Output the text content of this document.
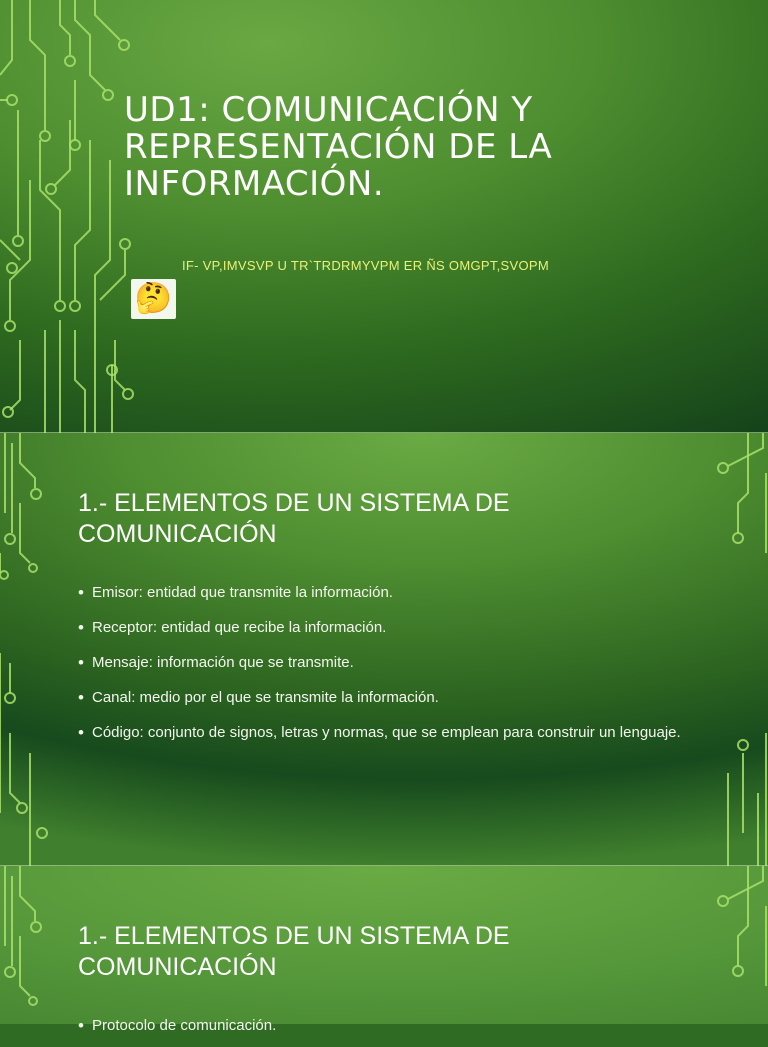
UD1: COMUNICACIÓN Y REPRESENTACIÓN DE LA INFORMACIÓN.
IF- VP,IMVSVP U TR`TRDRMYVPM ER ÑS OMGPT,SVOPM
🤔
1.- ELEMENTOS DE UN SISTEMA DE COMUNICACIÓN
• Emisor: entidad que transmite la información.
• Receptor: entidad que recibe la información.
• Mensaje: información que se transmite.
• Canal: medio por el que se transmite la información.
• Código: conjunto de signos, letras y normas, que se emplean para construir un lenguaje.
1.- ELEMENTOS DE UN SISTEMA DE COMUNICACIÓN
• Protocolo de comunicación.
